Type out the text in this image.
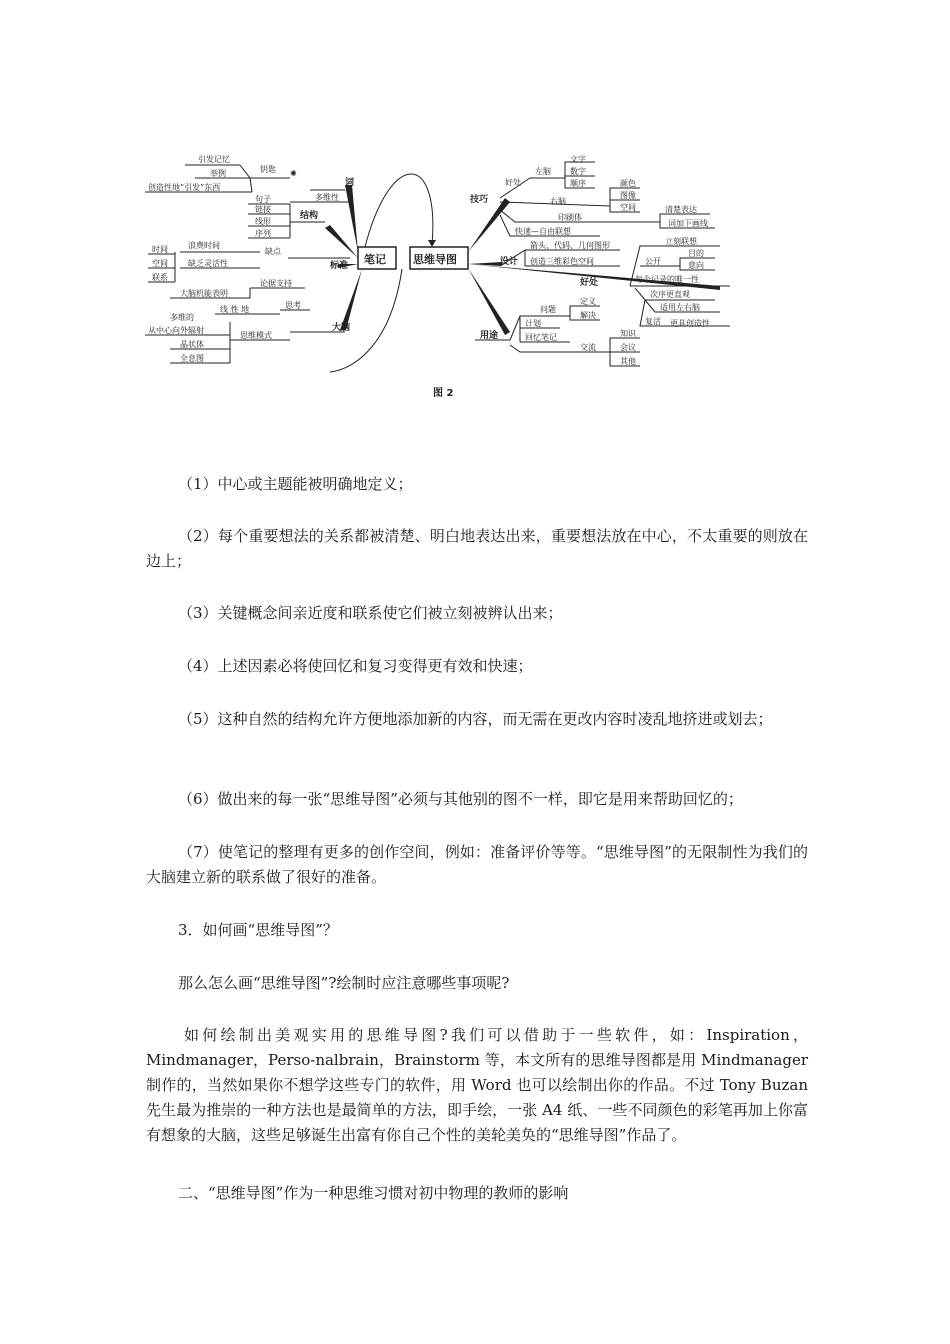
笔记 思维导图
词
多维性
钥匙 ✺
引发记忆
举例
创造性地“引发”东西
结构
句子
链接
线形
序列
标准
缺点
浪费时间
缺乏灵活性
时间
空间
联系
论据支持
大脑机能表明
大脑
线 性 地	思考
思维模式
多维的
从中心向外辐射
晶状体
全息图
技巧
好处
左脑
文字
数字
顺序
右脑
颜色
图像
空间
印刷体
清楚表达
词加下画线
快速—自由联想
设计
箭头、代码、几何图形
创造三维彩色空间
好处
立刻联想
公开
目的
意向
每个记录的唯一性
次序更直观
适用左右脑
复活 更具创造性
用途
问题
定义
解决
计划
回忆笔记
交流
知识
会议
其他
图 2

（1）中心或主题能被明确地定义；

（2）每个重要想法的关系都被清楚、明白地表达出来，重要想法放在中心，不太重要的则放在边上；

（3）关键概念间亲近度和联系使它们被立刻被辨认出来；

（4）上述因素必将使回忆和复习变得更有效和快速；

（5）这种自然的结构允许方便地添加新的内容，而无需在更改内容时凌乱地挤进或划去；

（6）做出来的每一张“思维导图”必须与其他别的图不一样，即它是用来帮助回忆的；

（7）使笔记的整理有更多的创作空间，例如：准备评价等等。“思维导图”的无限制性为我们的大脑建立新的联系做了很好的准备。

3．如何画“思维导图”？

那么怎么画“思维导图”?绘制时应注意哪些事项呢?

如何绘制出美观实用的思维导图?我们可以借助于一些软件，如：Inspiration，Mindmanager，Perso-nalbrain，Brainstorm 等，本文所有的思维导图都是用 Mindmanager 制作的，当然如果你不想学这些专门的软件，用 Word 也可以绘制出你的作品。不过 Tony Buzan 先生最为推崇的一种方法也是最简单的方法，即手绘，一张 A4 纸、一些不同颜色的彩笔再加上你富有想象的大脑，这些足够诞生出富有你自己个性的美轮美奂的“思维导图”作品了。

二、“思维导图”作为一种思维习惯对初中物理的教师的影响
